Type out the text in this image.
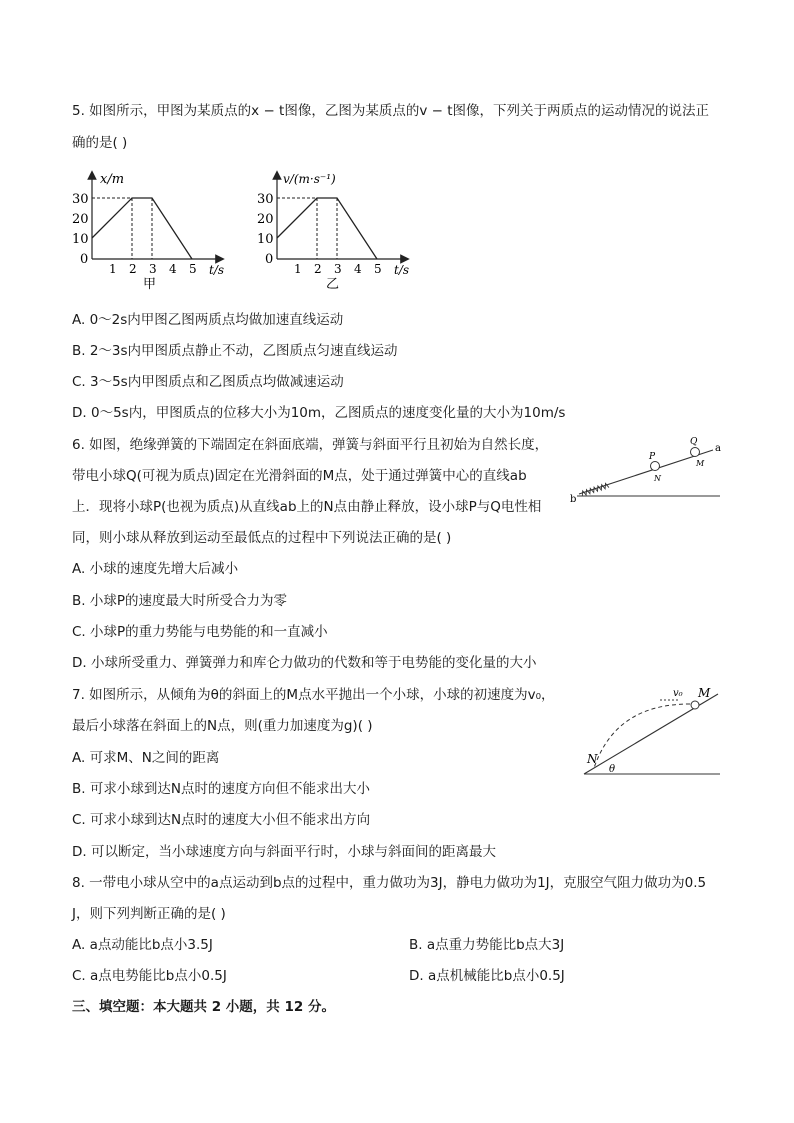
5. 如图所示，甲图为某质点的x − t图像，乙图为某质点的v − t图像，下列关于两质点的运动情况的说法正
确的是( )
x/m
t/s
30
20
10
0
1 2 3 4 5
甲
v/(m·s⁻¹)
t/s
30
20
10
0
1 2 3 4 5
乙
A. 0～2s内甲图乙图两质点均做加速直线运动
B. 2～3s内甲图质点静止不动，乙图质点匀速直线运动
C. 3～5s内甲图质点和乙图质点均做减速运动
D. 0～5s内，甲图质点的位移大小为10m，乙图质点的速度变化量的大小为10m/s
6. 如图，绝缘弹簧的下端固定在斜面底端，弹簧与斜面平行且初始为自然长度，
带电小球Q(可视为质点)固定在光滑斜面的M点，处于通过弹簧中心的直线ab
上．现将小球P(也视为质点)从直线ab上的N点由静止释放，设小球P与Q电性相
同，则小球从释放到运动至最低点的过程中下列说法正确的是( )
P
Q
N
M
a
b
A. 小球的速度先增大后减小
B. 小球P的速度最大时所受合力为零
C. 小球P的重力势能与电势能的和一直减小
D. 小球所受重力、弹簧弹力和库仑力做功的代数和等于电势能的变化量的大小
7. 如图所示，从倾角为θ的斜面上的M点水平抛出一个小球，小球的初速度为v₀，
最后小球落在斜面上的N点，则(重力加速度为g)( )
v₀ M
N
θ
A. 可求M、N之间的距离
B. 可求小球到达N点时的速度方向但不能求出大小
C. 可求小球到达N点时的速度大小但不能求出方向
D. 可以断定，当小球速度方向与斜面平行时，小球与斜面间的距离最大
8. 一带电小球从空中的a点运动到b点的过程中，重力做功为3J，静电力做功为1J，克服空气阻力做功为0.5
J，则下列判断正确的是( )
A. a点动能比b点小3.5J	B. a点重力势能比b点大3J
C. a点电势能比b点小0.5J	D. a点机械能比b点小0.5J
三、填空题：本大题共 2 小题，共 12 分。
